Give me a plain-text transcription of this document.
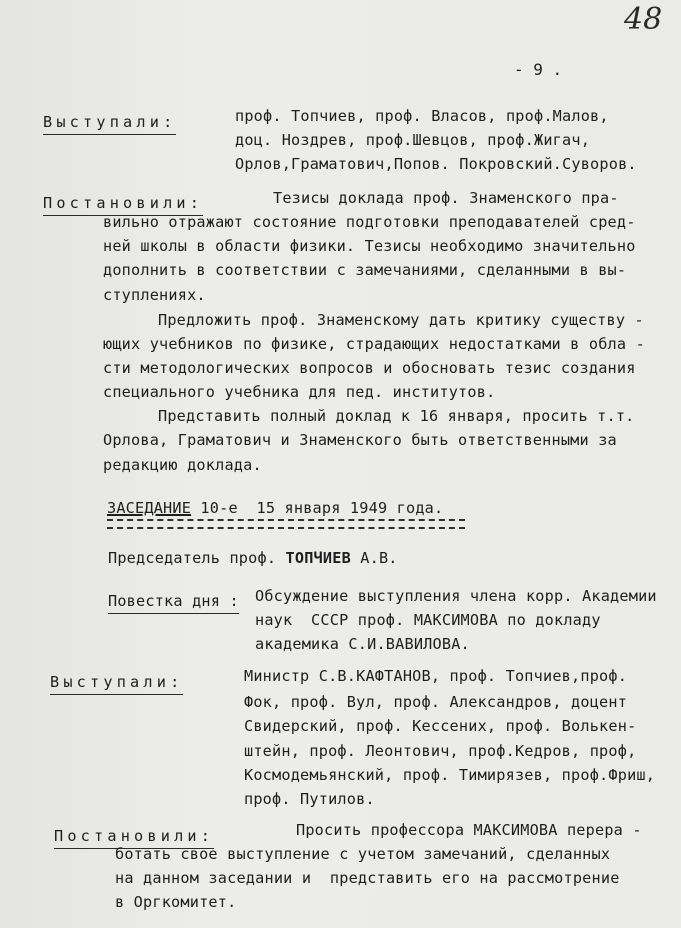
48
- 9 .
Выступали:	проф. Топчиев, проф. Власов, проф.Малов,
доц. Ноздрев, проф.Шевцов, проф.Жигач,
Орлов,Граматович,Попов. Покровский.Суворов.
Постановили:	Тезисы доклада проф. Знаменского пра-
вильно отражают состояние подготовки преподавателей сред-
ней школы в области физики. Тезисы необходимо значительно
дополнить в соответствии с замечаниями, сделанными в вы-
ступлениях.
Предложить проф. Знаменскому дать критику существу -
ющих учебников по физике, страдающих недостатками в обла -
сти методологических вопросов и обосновать тезис создания
специального учебника для пед. институтов.
Представить полный доклад к 16 января, просить т.т.
Орлова, Граматович и Знаменского быть ответственными за
редакцию доклада.
ЗАСЕДАНИЕ 10-е  15 января 1949 года.
Председатель проф. ТОПЧИЕВ А.В.
Повестка дня : Обсуждение выступления члена корр. Академии
наук  СССР проф. МАКСИМОВА по докладу
академика С.И.ВАВИЛОВА.
Выступали:	Министр С.В.КАФТАНОВ, проф. Топчиев,проф.
Фок, проф. Вул, проф. Александров, доцент
Свидерский, проф. Кессених, проф. Волькен-
штейн, проф. Леонтович, проф.Кедров, проф,
Космодемьянский, проф. Тимирязев, проф.Фриш,
проф. Путилов.
Постановили:	Просить профессора МАКСИМОВА перера -
ботать свое выступление с учетом замечаний, сделанных
на данном заседании и  представить его на рассмотрение
в Оргкомитет.
